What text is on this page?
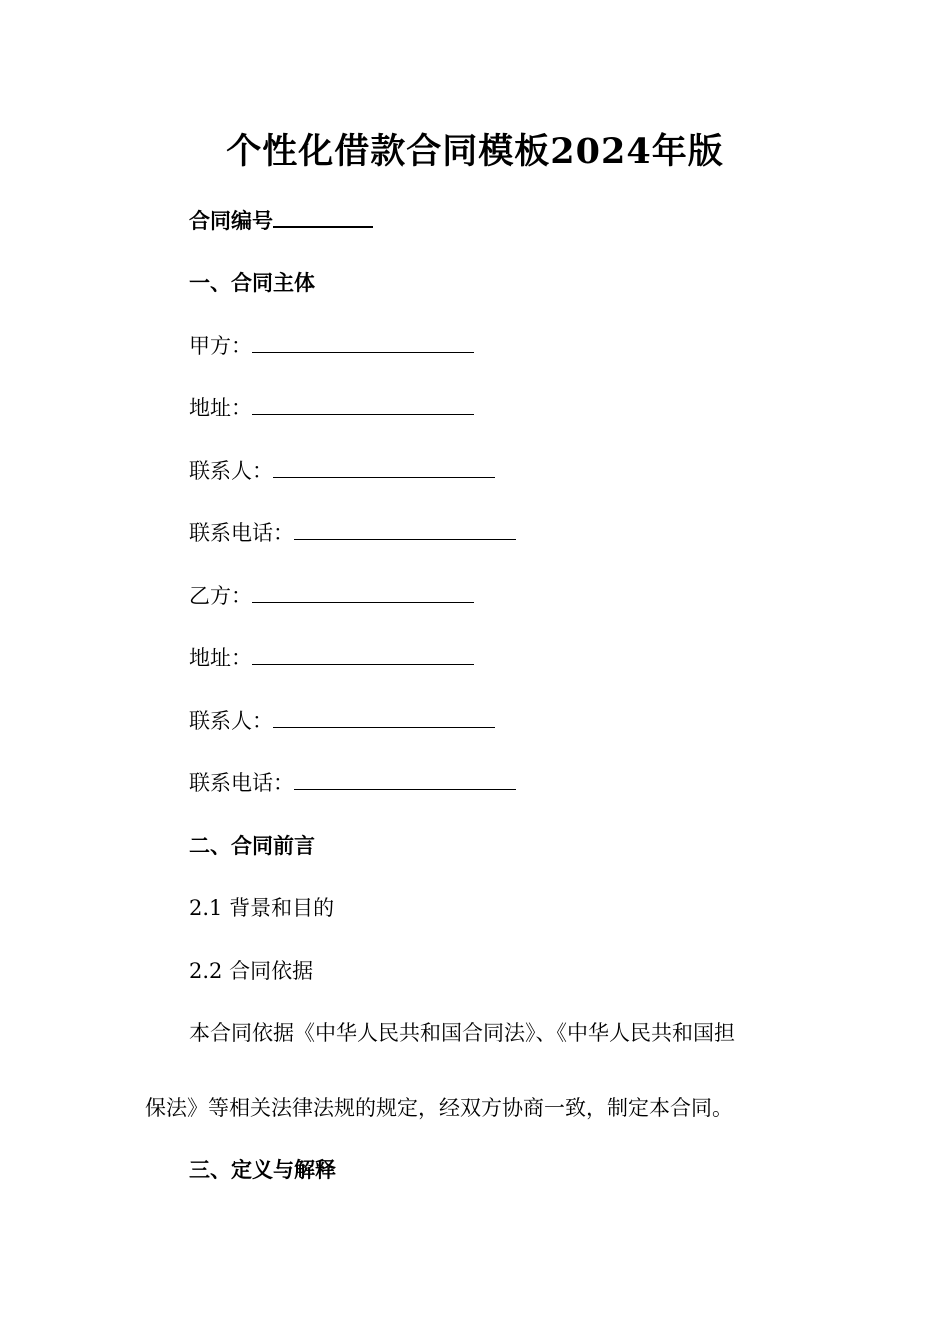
个性化借款合同模板2024年版
合同编号
一、合同主体
甲方：
地址：
联系人：
联系电话：
乙方：
地址：
联系人：
联系电话：
二、合同前言
2.1 背景和目的
2.2 合同依据
本合同依据《中华人民共和国合同法》、《中华人民共和国担
保法》等相关法律法规的规定，经双方协商一致，制定本合同。
三、定义与解释
